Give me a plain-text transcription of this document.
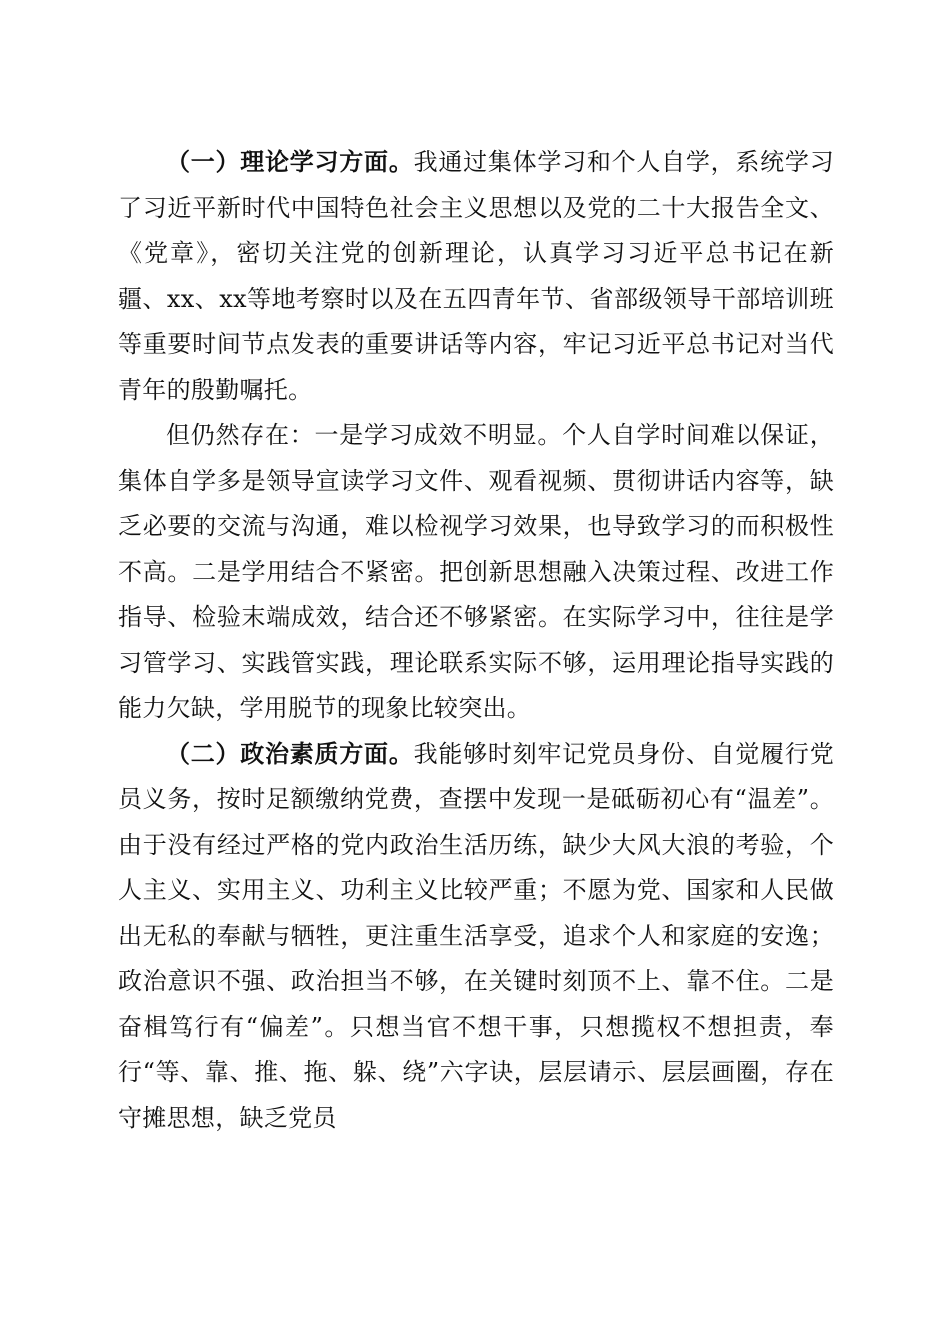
（一）理论学习方面。我通过集体学习和个人自学，系统学习了习近平新时代中国特色社会主义思想以及党的二十大报告全文、《党章》，密切关注党的创新理论，认真学习习近平总书记在新疆、xx、xx等地考察时以及在五四青年节、省部级领导干部培训班等重要时间节点发表的重要讲话等内容，牢记习近平总书记对当代青年的殷勤嘱托。

但仍然存在：一是学习成效不明显。个人自学时间难以保证，集体自学多是领导宣读学习文件、观看视频、贯彻讲话内容等，缺乏必要的交流与沟通，难以检视学习效果，也导致学习的而积极性不高。二是学用结合不紧密。把创新思想融入决策过程、改进工作指导、检验末端成效，结合还不够紧密。在实际学习中，往往是学习管学习、实践管实践，理论联系实际不够，运用理论指导实践的能力欠缺，学用脱节的现象比较突出。

（二）政治素质方面。我能够时刻牢记党员身份、自觉履行党员义务，按时足额缴纳党费，查摆中发现一是砥砺初心有“温差”。由于没有经过严格的党内政治生活历练，缺少大风大浪的考验，个人主义、实用主义、功利主义比较严重；不愿为党、国家和人民做出无私的奉献与牺牲，更注重生活享受，追求个人和家庭的安逸；政治意识不强、政治担当不够，在关键时刻顶不上、靠不住。二是奋楫笃行有“偏差”。只想当官不想干事，只想揽权不想担责，奉行“等、靠、推、拖、躲、绕”六字诀，层层请示、层层画圈，存在守摊思想，缺乏党员
